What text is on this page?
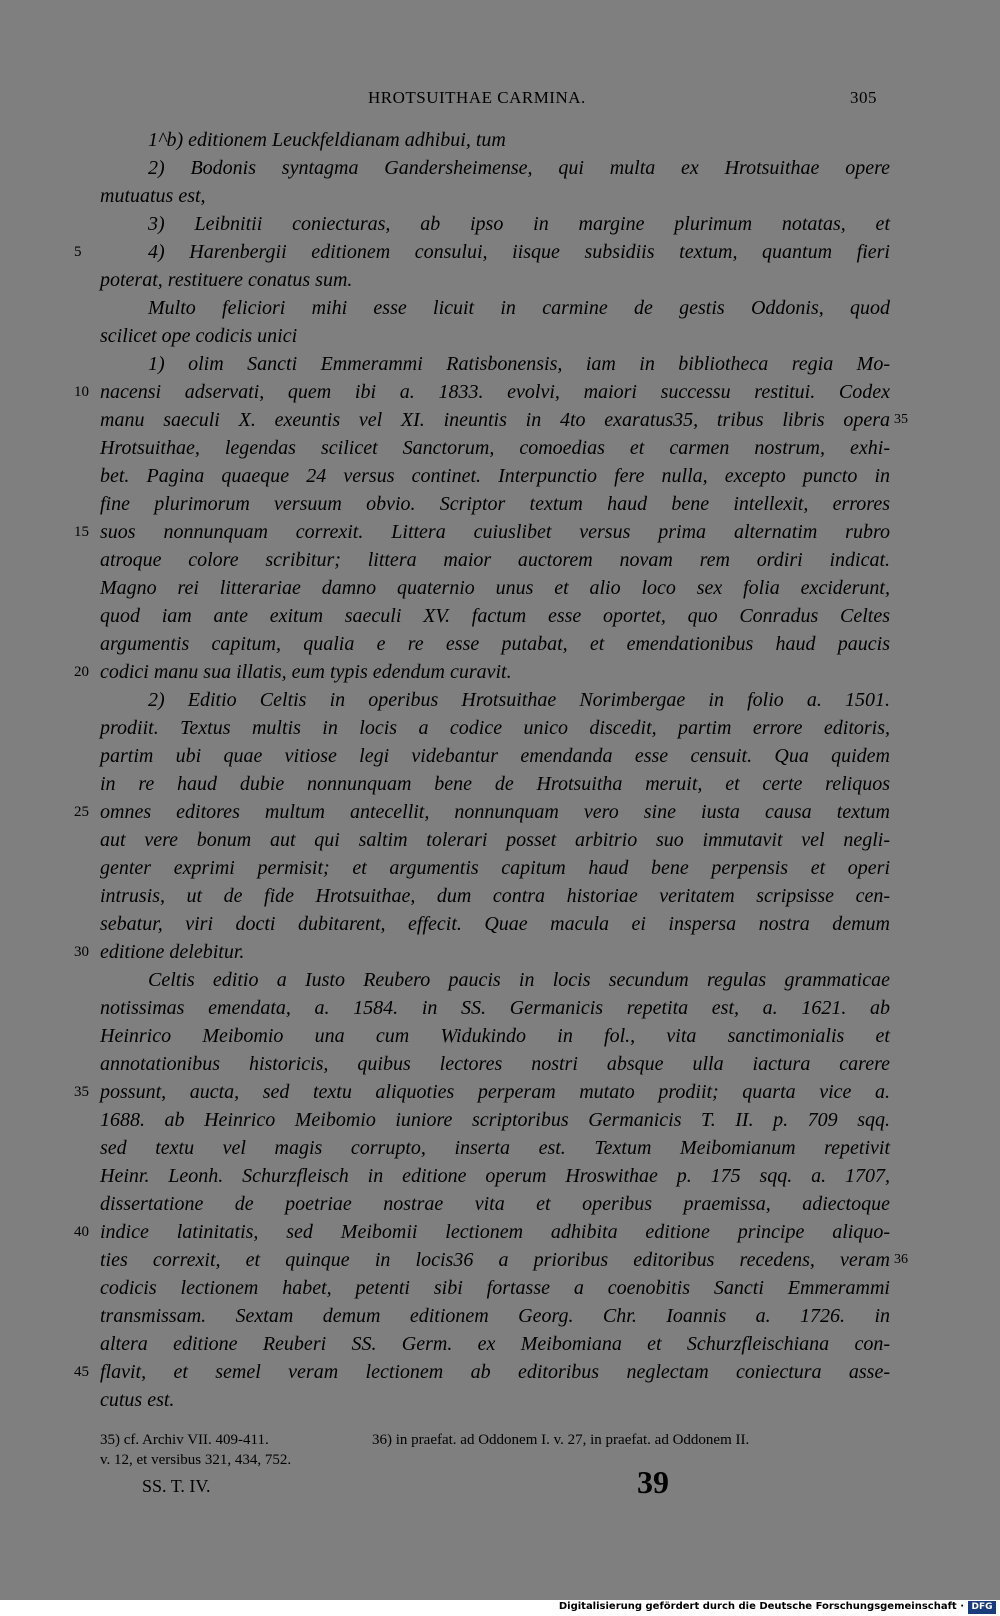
HROTSUITHAE CARMINA.	305
1^b) editionem Leuckfeldianam adhibui, tum
2) Bodonis syntagma Gandersheimense, qui multa ex Hrotsuithae opere
mutuatus est,
3) Leibnitii coniecturas, ab ipso in margine plurimum notatas, et
4) Harenbergii editionem consului, iisque subsidiis textum, quantum fieri
poterat, restituere conatus sum.
Multo feliciori mihi esse licuit in carmine de gestis Oddonis, quod
scilicet ope codicis unici
1) olim Sancti Emmerammi Ratisbonensis, iam in bibliotheca regia Mo-
nacensi adservati, quem ibi a. 1833. evolvi, maiori successu restitui. Codex
manu saeculi X. exeuntis vel XI. ineuntis in 4to exaratus35, tribus libris opera
Hrotsuithae, legendas scilicet Sanctorum, comoedias et carmen nostrum, exhi-
bet. Pagina quaeque 24 versus continet. Interpunctio fere nulla, excepto puncto in
fine plurimorum versuum obvio. Scriptor textum haud bene intellexit, errores
suos nonnunquam correxit. Littera cuiuslibet versus prima alternatim rubro
atroque colore scribitur; littera maior auctorem novam rem ordiri indicat.
Magno rei litterariae damno quaternio unus et alio loco sex folia exciderunt,
quod iam ante exitum saeculi XV. factum esse oportet, quo Conradus Celtes
argumentis capitum, qualia e re esse putabat, et emendationibus haud paucis
codici manu sua illatis, eum typis edendum curavit.
2) Editio Celtis in operibus Hrotsuithae Norimbergae in folio a. 1501.
prodiit. Textus multis in locis a codice unico discedit, partim errore editoris,
partim ubi quae vitiose legi videbantur emendanda esse censuit. Qua quidem
in re haud dubie nonnunquam bene de Hrotsuitha meruit, et certe reliquos
omnes editores multum antecellit, nonnunquam vero sine iusta causa textum
aut vere bonum aut qui saltim tolerari posset arbitrio suo immutavit vel negli-
genter exprimi permisit; et argumentis capitum haud bene perpensis et operi
intrusis, ut de fide Hrotsuithae, dum contra historiae veritatem scripsisse cen-
sebatur, viri docti dubitarent, effecit. Quae macula ei inspersa nostra demum
editione delebitur.
Celtis editio a Iusto Reubero paucis in locis secundum regulas grammaticae
notissimas emendata, a. 1584. in SS. Germanicis repetita est, a. 1621. ab
Heinrico Meibomio una cum Widukindo in fol., vita sanctimonialis et
annotationibus historicis, quibus lectores nostri absque ulla iactura carere
possunt, aucta, sed textu aliquoties perperam mutato prodiit; quarta vice a.
1688. ab Heinrico Meibomio iuniore scriptoribus Germanicis T. II. p. 709 sqq.
sed textu vel magis corrupto, inserta est. Textum Meibomianum repetivit
Heinr. Leonh. Schurzfleisch in editione operum Hroswithae p. 175 sqq. a. 1707,
dissertatione de poetriae nostrae vita et operibus praemissa, adiectoque
indice latinitatis, sed Meibomii lectionem adhibita editione principe aliquo-
ties correxit, et quinque in locis36 a prioribus editoribus recedens, veram
codicis lectionem habet, petenti sibi fortasse a coenobitis Sancti Emmerammi
transmissam. Sextam demum editionem Georg. Chr. Ioannis a. 1726. in
altera editione Reuberi SS. Germ. ex Meibomiana et Schurzfleischiana con-
flavit, et semel veram lectionem ab editoribus neglectam coniectura asse-
cutus est.
5
10
15
20
25
30
35
40
45
35
36
35) cf. Archiv VII. 409-411.
v. 12, et versibus 321, 434, 752.
36) in praefat. ad Oddonem I. v. 27, in praefat. ad Oddonem II.
SS. T. IV.	39
Digitalisierung gefördert durch die Deutsche Forschungsgemeinschaft · DFG
